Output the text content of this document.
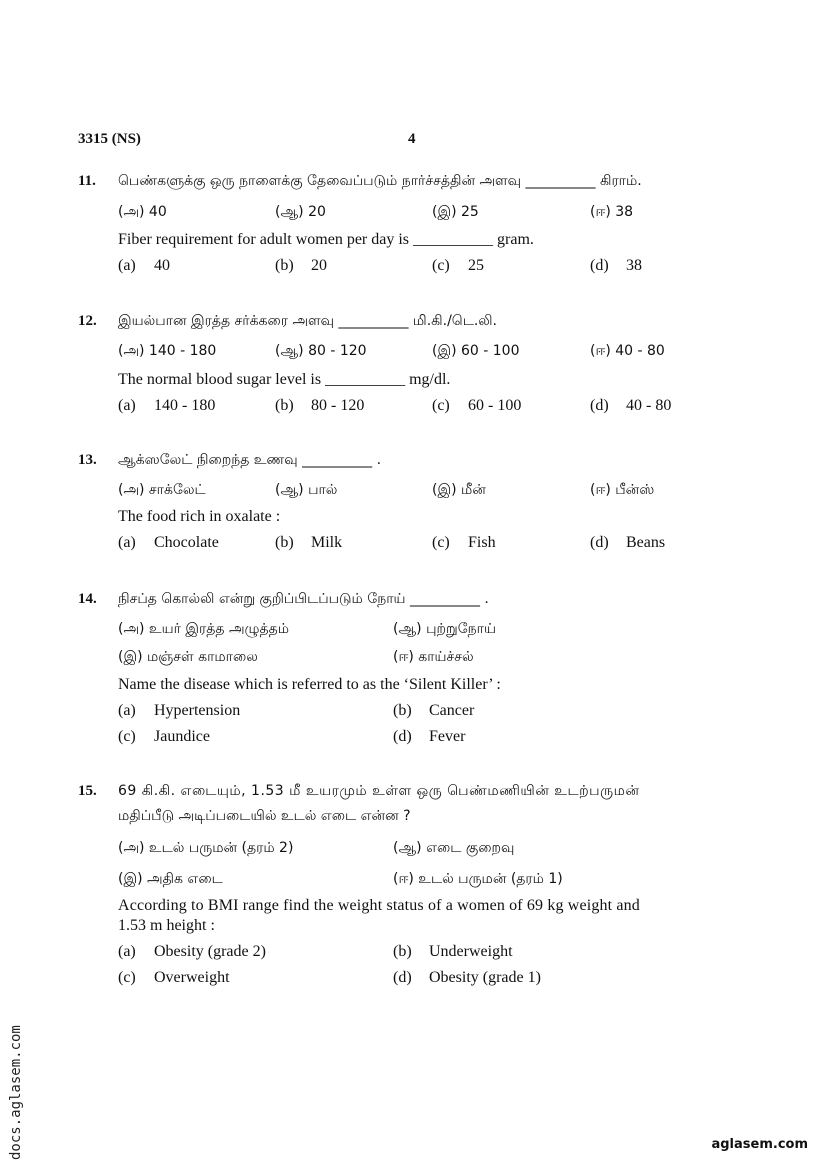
3315 (NS)	4
11. பெண்களுக்கு ஒரு நாளைக்கு தேவைப்படும் நார்ச்சத்தின் அளவு __________ கிராம்.
(அ) 40	(ஆ) 20	(இ) 25	(ஈ) 38
Fiber requirement for adult women per day is __________ gram.
(a) 40	(b) 20	(c) 25	(d) 38
12. இயல்பான இரத்த சர்க்கரை அளவு __________ மி.கி./டெ.லி.
(அ) 140 - 180	(ஆ) 80 - 120	(இ) 60 - 100	(ஈ) 40 - 80
The normal blood sugar level is __________ mg/dl.
(a) 140 - 180	(b) 80 - 120	(c) 60 - 100	(d) 40 - 80
13. ஆக்ஸலேட் நிறைந்த உணவு __________ .
(அ) சாக்லேட்	(ஆ) பால்	(இ) மீன்	(ஈ) பீன்ஸ்
The food rich in oxalate :
(a) Chocolate	(b) Milk	(c) Fish	(d) Beans
14. நிசப்த கொல்லி என்று குறிப்பிடப்படும் நோய் __________ .
(அ) உயர் இரத்த அழுத்தம்	(ஆ) புற்றுநோய்
(இ) மஞ்சள் காமாலை	(ஈ) காய்ச்சல்
Name the disease which is referred to as the ‘Silent Killer’ :
(a) Hypertension	(b) Cancer
(c) Jaundice	(d) Fever
15. 69 கி.கி. எடையும், 1.53 மீ உயரமும் உள்ள ஒரு பெண்மணியின் உடற்பருமன்
மதிப்பீடு அடிப்படையில் உடல் எடை என்ன ?
(அ) உடல் பருமன் (தரம் 2)	(ஆ) எடை குறைவு
(இ) அதிக எடை	(ஈ) உடல் பருமன் (தரம் 1)
According to BMI range find the weight status of a women of 69 kg weight and
1.53 m height :
(a) Obesity (grade 2)	(b) Underweight
(c) Overweight	(d) Obesity (grade 1)
docs.aglasem.com	aglasem.com
